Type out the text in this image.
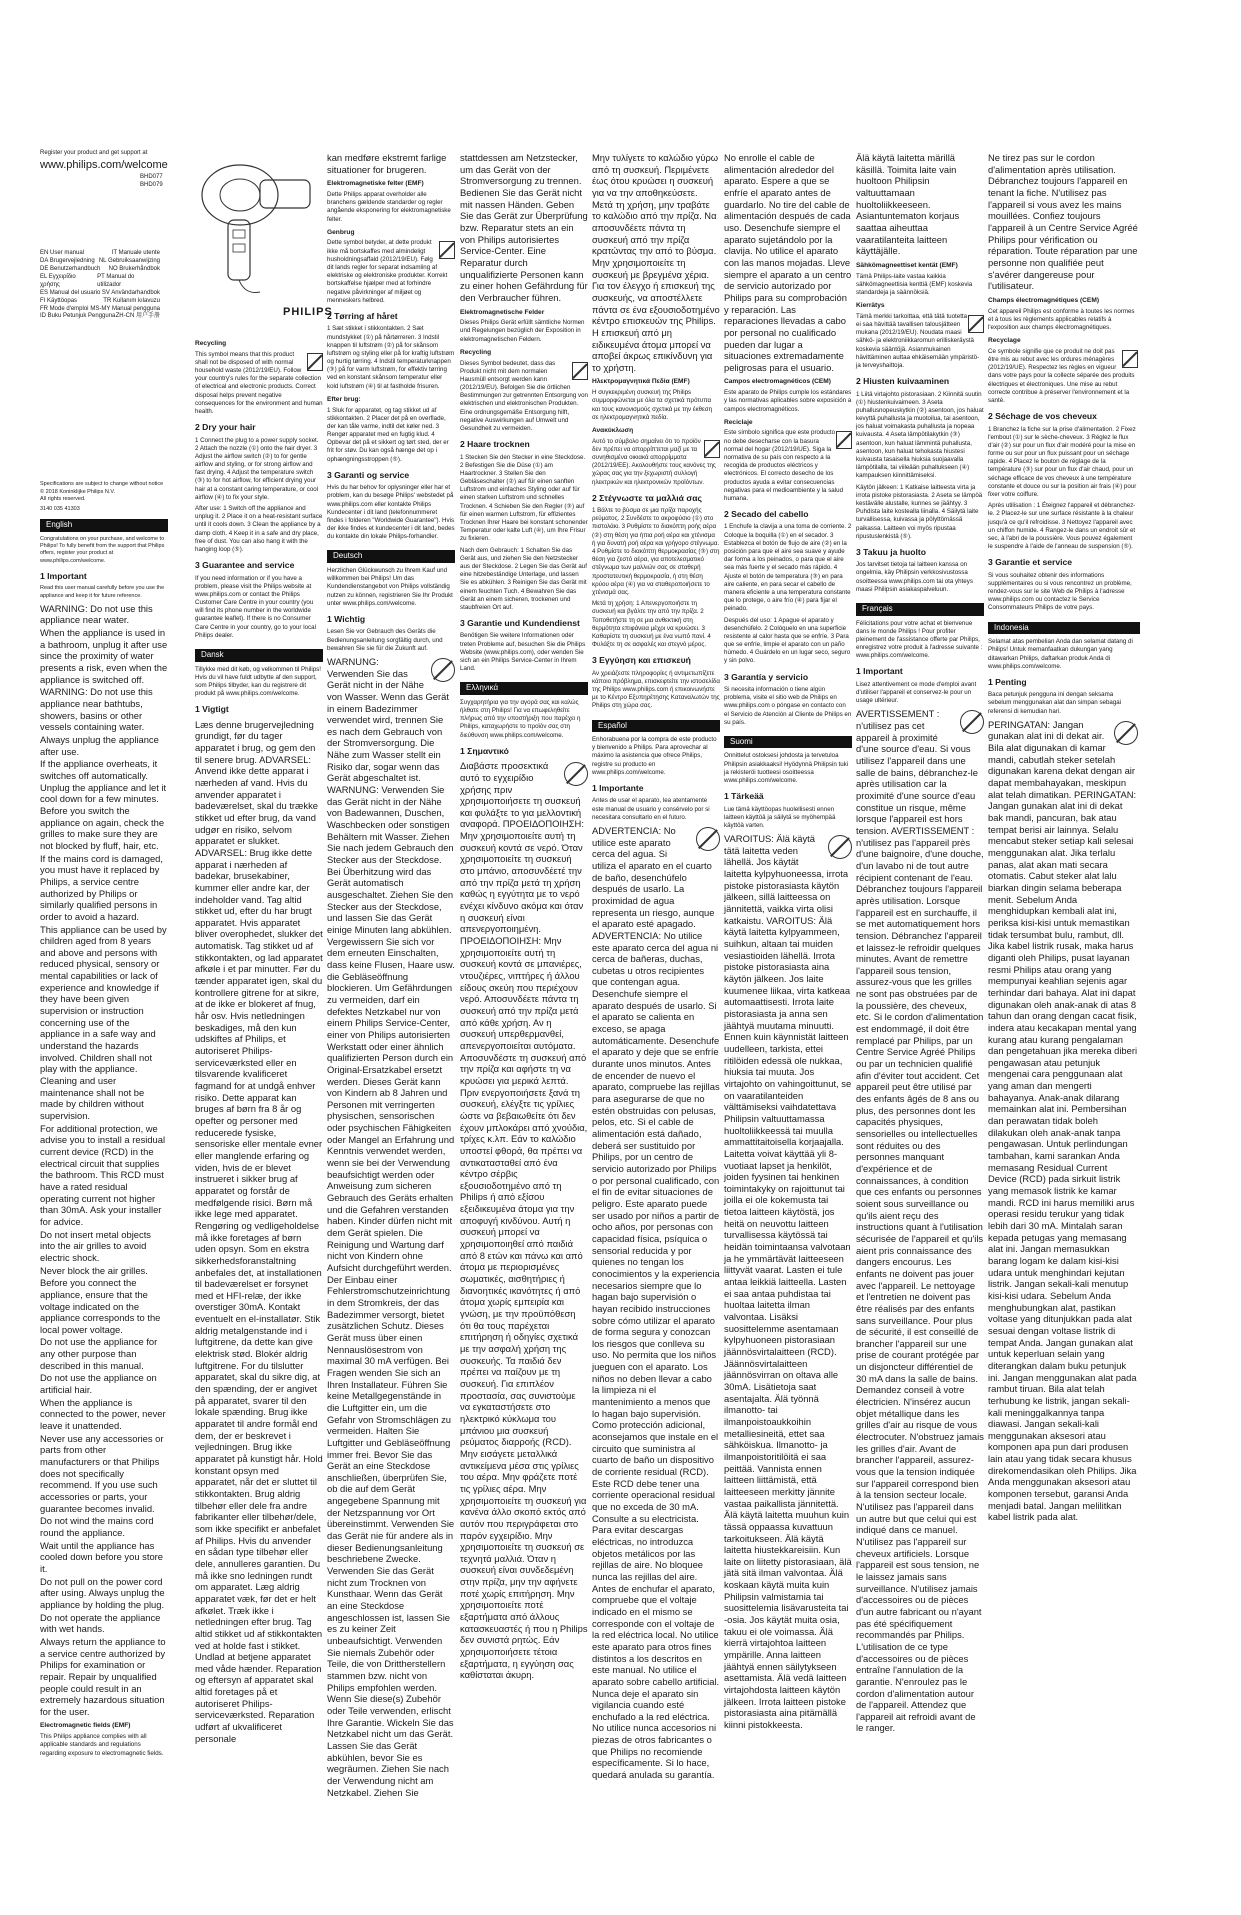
Register your product and get support at
www.philips.com/welcome
BHD077
BHD079
EN User manual	IT Manuale utente
DA Brugervejledning NL Gebruiksaanwijzing
DE Benutzerhandbuch NO Brukerhåndbok
EL Εγχειρίδιο χρήσης
PT Manual do utilizador
ES Manual del usuario SV Användarhandbok
FI Käyttöopas	TR Kullanım kılavuzu
FR Mode d'emploi MS-MY Manual pengguna
ID Buku Petunjuk Pengguna ZH-CN 用户手册
Specifications are subject to change without notice
© 2018 Koninklijke Philips N.V.
All rights reserved.
3140 035 41303
English

Congratulations on your purchase, and welcome to Philips! To fully benefit from the support that Philips offers, register your product at www.philips.com/welcome.

1 Important

Read this user manual carefully before you use the appliance and keep it for future reference.

WARNING: Do not use this appliance near water.

When the appliance is used in a bathroom, unplug it after use since the proximity of water presents a risk, even when the appliance is switched off.

WARNING: Do not use this appliance near bathtubs, showers, basins or other vessels containing water.

Always unplug the appliance after use.

If the appliance overheats, it switches off automatically. Unplug the appliance and let it cool down for a few minutes. Before you switch the appliance on again, check the grilles to make sure they are not blocked by fluff, hair, etc.

If the mains cord is damaged, you must have it replaced by Philips, a service centre authorized by Philips or similarly qualified persons in order to avoid a hazard.

This appliance can be used by children aged from 8 years and above and persons with reduced physical, sensory or mental capabilities or lack of experience and knowledge if they have been given supervision or instruction concerning use of the appliance in a safe way and understand the hazards involved. Children shall not play with the appliance. Cleaning and user maintenance shall not be made by children without supervision.

For additional protection, we advise you to install a residual current device (RCD) in the electrical circuit that supplies the bathroom. This RCD must have a rated residual operating current not higher than 30mA. Ask your installer for advice.

Do not insert metal objects into the air grilles to avoid electric shock.

Never block the air grilles.

Before you connect the appliance, ensure that the voltage indicated on the appliance corresponds to the local power voltage.

Do not use the appliance for any other purpose than described in this manual.

Do not use the appliance on artificial hair.

When the appliance is connected to the power, never leave it unattended.

Never use any accessories or parts from other manufacturers or that Philips does not specifically recommend. If you use such accessories or parts, your guarantee becomes invalid.

Do not wind the mains cord round the appliance.

Wait until the appliance has cooled down before you store it.

Do not pull on the power cord after using. Always unplug the appliance by holding the plug.

Do not operate the appliance with wet hands.

Always return the appliance to a service centre authorized by Philips for examination or repair. Repair by unqualified people could result in an extremely hazardous situation for the user.

Electromagnetic fields (EMF)

This Philips appliance complies with all applicable standards and regulations regarding exposure to electromagnetic fields.

PHILIPS
Recycling

This symbol means that this product shall not be disposed of with normal household waste (2012/19/EU). Follow your country's rules for the separate collection of electrical and electronic products. Correct disposal helps prevent negative consequences for the environment and human health.

2 Dry your hair

1 Connect the plug to a power supply socket. 2 Attach the nozzle (①) onto the hair dryer. 3 Adjust the airflow switch (②) to for gentle airflow and styling, or for strong airflow and fast drying. 4 Adjust the temperature switch (③) to for hot airflow, for efficient drying your hair at a constant caring temperature, or cool airflow (④) to fix your style.

After use: 1 Switch off the appliance and unplug it. 2 Place it on a heat-resistant surface until it cools down. 3 Clean the appliance by a damp cloth. 4 Keep it in a safe and dry place, free of dust. You can also hang it with the hanging loop (⑤).

3 Guarantee and service

If you need information or if you have a problem, please visit the Philips website at www.philips.com or contact the Philips Customer Care Centre in your country (you will find its phone number in the worldwide guarantee leaflet). If there is no Consumer Care Centre in your country, go to your local Philips dealer.

Dansk

Tillykke med dit køb, og velkommen til Philips! Hvis du vil have fuldt udbytte af den support, som Philips tilbyder, kan du registrere dit produkt på www.philips.com/welcome.

1 Vigtigt

Læs denne brugervejledning grundigt, før du tager apparatet i brug, og gem den til senere brug. ADVARSEL: Anvend ikke dette apparat i nærheden af vand. Hvis du anvender apparatet i badeværelset, skal du trække stikket ud efter brug, da vand udgør en risiko, selvom apparatet er slukket. ADVARSEL: Brug ikke dette apparat i nærheden af badekar, brusekabiner, kummer eller andre kar, der indeholder vand. Tag altid stikket ud, efter du har brugt apparatet. Hvis apparatet bliver overophedet, slukker det automatisk. Tag stikket ud af stikkontakten, og lad apparatet afkøle i et par minutter. Før du tænder apparatet igen, skal du kontrollere gitrene for at sikre, at de ikke er blokeret af fnug, hår osv. Hvis netledningen beskadiges, må den kun udskiftes af Philips, et autoriseret Philips-serviceværksted eller en tilsvarende kvalificeret fagmand for at undgå enhver risiko. Dette apparat kan bruges af børn fra 8 år og opefter og personer med reducerede fysiske, sensoriske eller mentale evner eller manglende erfaring og viden, hvis de er blevet instrueret i sikker brug af apparatet og forstår de medfølgende risici. Børn må ikke lege med apparatet. Rengøring og vedligeholdelse må ikke foretages af børn uden opsyn. Som en ekstra sikkerhedsforanstaltning anbefales det, at installationen til badeværelset er forsynet med et HFI-relæ, der ikke overstiger 30mA. Kontakt eventuelt en el-installatør. Stik aldrig metalgenstande ind i luftgitrene, da dette kan give elektrisk stød. Blokér aldrig luftgitrene. For du tilslutter apparatet, skal du sikre dig, at den spænding, der er angivet på apparatet, svarer til den lokale spænding. Brug ikke apparatet til andre formål end dem, der er beskrevet i vejledningen. Brug ikke apparatet på kunstigt hår. Hold konstant opsyn med apparatet, når det er sluttet til stikkontakten. Brug aldrig tilbehør eller dele fra andre fabrikanter eller tilbehør/dele, som ikke specifikt er anbefalet af Philips. Hvis du anvender en sådan type tilbehør eller dele, annulleres garantien. Du må ikke sno ledningen rundt om apparatet. Læg aldrig apparatet væk, før det er helt afkølet. Træk ikke i netledningen efter brug. Tag altid stikket ud af stikkontakten ved at holde fast i stikket. Undlad at betjene apparatet med våde hænder. Reparation og eftersyn af apparatet skal altid foretages på et autoriseret Philips-serviceværksted. Reparation udført af ukvalificeret personale

kan medføre ekstremt farlige situationer for brugeren.

Elektromagnetiske felter (EMF)

Dette Philips apparat overholder alle branchens gældende standarder og regler angående eksponering for elektromagnetiske felter.

Genbrug

Dette symbol betyder, at dette produkt ikke må bortskaffes med almindeligt husholdningsaffald (2012/19/EU). Følg dit lands regler for separat indsamling af elektriske og elektroniske produkter. Korrekt bortskaffelse hjælper med at forhindre negative påvirkninger af miljøet og menneskers helbred.

2 Tørring af håret

1 Sæt stikket i stikkontakten. 2 Sæt mundstykket (①) på hårtørreren. 3 Indstil knappen til luftstrøm (②) på for skånsom luftstrøm og styling eller på for kraftig luftstrøm og hurtig tørring. 4 Indstil temperaturknappen (③) på for varm luftstrøm, for effektiv tørring ved en konstant skånsom temperatur eller kold luftstrøm (④) til at fastholde frisuren.

Efter brug:

1 Sluk for apparatet, og tag stikket ud af stikkontakten. 2 Placer det på en overflade, der kan tåle varme, indtil det køler ned. 3 Rengør apparatet med en fugtig klud. 4 Opbevar det på et sikkert og tørt sted, der er frit for støv. Du kan også hænge det op i ophængningsstroppen (⑤).

3 Garanti og service

Hvis du har behov for oplysninger eller har et problem, kan du besøge Philips' webstedet på www.philips.com eller kontakte Philips Kundecenter i dit land (telefonnummeret findes i folderen "Worldwide Guarantee"). Hvis der ikke findes et kundecenter i dit land, bedes du kontakte din lokale Philips-forhandler.

Deutsch

Herzlichen Glückwunsch zu Ihrem Kauf und willkommen bei Philips! Um das Kundendienstangebot von Philips vollständig nutzen zu können, registrieren Sie Ihr Produkt unter www.philips.com/welcome.

1 Wichtig

Lesen Sie vor Gebrauch des Geräts die Bedienungsanleitung sorgfältig durch, und bewahren Sie sie für die Zukunft auf.

WARNUNG: Verwenden Sie das Gerät nicht in der Nähe von Wasser. Wenn das Gerät in einem Badezimmer verwendet wird, trennen Sie es nach dem Gebrauch von der Stromversorgung. Die Nähe zum Wasser stellt ein Risiko dar, sogar wenn das Gerät abgeschaltet ist. WARNUNG: Verwenden Sie das Gerät nicht in der Nähe von Badewannen, Duschen, Waschbecken oder sonstigen Behältern mit Wasser. Ziehen Sie nach jedem Gebrauch den Stecker aus der Steckdose. Bei Überhitzung wird das Gerät automatisch ausgeschaltet. Ziehen Sie den Stecker aus der Steckdose, und lassen Sie das Gerät einige Minuten lang abkühlen. Vergewissern Sie sich vor dem erneuten Einschalten, dass keine Flusen, Haare usw. die Gebläseöffnung blockieren. Um Gefährdungen zu vermeiden, darf ein defektes Netzkabel nur von einem Philips Service-Center, einer von Philips autorisierten Werkstatt oder einer ähnlich qualifizierten Person durch ein Original-Ersatzkabel ersetzt werden. Dieses Gerät kann von Kindern ab 8 Jahren und Personen mit verringerten physischen, sensorischen oder psychischen Fähigkeiten oder Mangel an Erfahrung und Kenntnis verwendet werden, wenn sie bei der Verwendung beaufsichtigt werden oder Anweisung zum sicheren Gebrauch des Geräts erhalten und die Gefahren verstanden haben. Kinder dürfen nicht mit dem Gerät spielen. Die Reinigung und Wartung darf nicht von Kindern ohne Aufsicht durchgeführt werden. Der Einbau einer Fehlerstromschutzeinrichtung in dem Stromkreis, der das Badezimmer versorgt, bietet zusätzlichen Schutz. Dieses Gerät muss über einen Nennauslösestrom von maximal 30 mA verfügen. Bei Fragen wenden Sie sich an Ihren Installateur. Führen Sie keine Metallgegenstände in die Luftgitter ein, um die Gefahr von Stromschlägen zu vermeiden. Halten Sie Luftgitter und Gebläseöffnung immer frei. Bevor Sie das Gerät an eine Steckdose anschließen, überprüfen Sie, ob die auf dem Gerät angegebene Spannung mit der Netzspannung vor Ort übereinstimmt. Verwenden Sie das Gerät nie für andere als in dieser Bedienungsanleitung beschriebene Zwecke. Verwenden Sie das Gerät nicht zum Trocknen von Kunsthaar. Wenn das Gerät an eine Steckdose angeschlossen ist, lassen Sie es zu keiner Zeit unbeaufsichtigt. Verwenden Sie niemals Zubehör oder Teile, die von Drittherstellern stammen bzw. nicht von Philips empfohlen werden. Wenn Sie diese(s) Zubehör oder Teile verwenden, erlischt Ihre Garantie. Wickeln Sie das Netzkabel nicht um das Gerät. Lassen Sie das Gerät abkühlen, bevor Sie es wegräumen. Ziehen Sie nach der Verwendung nicht am Netzkabel. Ziehen Sie

stattdessen am Netzstecker, um das Gerät von der Stromversorgung zu trennen. Bedienen Sie das Gerät nicht mit nassen Händen. Geben Sie das Gerät zur Überprüfung bzw. Reparatur stets an ein von Philips autorisiertes Service-Center. Eine Reparatur durch unqualifizierte Personen kann zu einer hohen Gefährdung für den Verbraucher führen.

Elektromagnetische Felder

Dieses Philips Gerät erfüllt sämtliche Normen und Regelungen bezüglich der Exposition in elektromagnetischen Feldern.

Recycling

Dieses Symbol bedeutet, dass das Produkt nicht mit dem normalen Hausmüll entsorgt werden kann (2012/19/EU). Befolgen Sie die örtlichen Bestimmungen zur getrennten Entsorgung von elektrischen und elektronischen Produkten. Eine ordnungsgemäße Entsorgung hilft, negative Auswirkungen auf Umwelt und Gesundheit zu vermeiden.

2 Haare trocknen

1 Stecken Sie den Stecker in eine Steckdose. 2 Befestigen Sie die Düse (①) am Haartrockner. 3 Stellen Sie den Gebläseschalter (②) auf für einen sanften Luftstrom und einfaches Styling oder auf für einen starken Luftstrom und schnelles Trocknen. 4 Schieben Sie den Regler (③) auf für einen warmen Luftstrom, für effizientes Trocknen Ihrer Haare bei konstant schonender Temperatur oder kalte Luft (④), um Ihre Frisur zu fixieren.

Nach dem Gebrauch: 1 Schalten Sie das Gerät aus, und ziehen Sie den Netzstecker aus der Steckdose. 2 Legen Sie das Gerät auf eine hitzebeständige Unterlage, und lassen Sie es abkühlen. 3 Reinigen Sie das Gerät mit einem feuchten Tuch. 4 Bewahren Sie das Gerät an einem sicheren, trockenen und staubfreien Ort auf.

3 Garantie und Kundendienst

Benötigen Sie weitere Informationen oder treten Probleme auf, besuchen Sie die Philips Website (www.philips.com), oder wenden Sie sich an ein Philips Service-Center in Ihrem Land.

Ελληνικά

Συγχαρητήρια για την αγορά σας και καλώς ήλθατε στη Philips! Για να επωφεληθείτε πλήρως από την υποστήριξη που παρέχει η Philips, καταχωρήστε το προϊόν σας στη διεύθυνση www.philips.com/welcome.

1 Σημαντικό

Διαβάστε προσεκτικά αυτό το εγχειρίδιο χρήσης πριν χρησιμοποιήσετε τη συσκευή και φυλάξτε το για μελλοντική αναφορά. ΠΡΟΕΙΔΟΠΟΙΗΣΗ: Μην χρησιμοποιείτε αυτή τη συσκευή κοντά σε νερό. Όταν χρησιμοποιείτε τη συσκευή στο μπάνιο, αποσυνδέετέ την από την πρίζα μετά τη χρήση καθώς η εγγύτητα με το νερό ενέχει κίνδυνο ακόμα και όταν η συσκευή είναι απενεργοποιημένη. ΠΡΟΕΙΔΟΠΟΙΗΣΗ: Μην χρησιμοποιείτε αυτή τη συσκευή κοντά σε μπανιέρες, ντουζιέρες, νιπτήρες ή άλλου είδους σκεύη που περιέχουν νερό. Αποσυνδέετε πάντα τη συσκευή από την πρίζα μετά από κάθε χρήση. Αν η συσκευή υπερθερμανθεί, απενεργοποιείται αυτόματα. Αποσυνδέστε τη συσκευή από την πρίζα και αφήστε τη να κρυώσει για μερικά λεπτά. Πριν ενεργοποιήσετε ξανά τη συσκευή, ελέγξτε τις γρίλιες ώστε να βεβαιωθείτε ότι δεν έχουν μπλοκάρει από χνούδια, τρίχες κ.λπ. Εάν το καλώδιο υποστεί φθορά, θα πρέπει να αντικατασταθεί από ένα κέντρο σέρβις εξουσιοδοτημένο από τη Philips ή από εξίσου εξειδικευμένα άτομα για την αποφυγή κινδύνου. Αυτή η συσκευή μπορεί να χρησιμοποιηθεί από παιδιά από 8 ετών και πάνω και από άτομα με περιορισμένες σωματικές, αισθητήριες ή διανοητικές ικανότητες ή από άτομα χωρίς εμπειρία και γνώση, με την προϋπόθεση ότι θα τους παρέχεται επιτήρηση ή οδηγίες σχετικά με την ασφαλή χρήση της συσκευής. Τα παιδιά δεν πρέπει να παίζουν με τη συσκευή. Για επιπλέον προστασία, σας συνιστούμε να εγκαταστήσετε στο ηλεκτρικό κύκλωμα του μπάνιου μια συσκευή ρεύματος διαρροής (RCD). Μην εισάγετε μεταλλικά αντικείμενα μέσα στις γρίλιες του αέρα. Μην φράζετε ποτέ τις γρίλιες αέρα. Μην χρησιμοποιείτε τη συσκευή για κανένα άλλο σκοπό εκτός από αυτόν που περιγράφεται στο παρόν εγχειρίδιο. Μην χρησιμοποιείτε τη συσκευή σε τεχνητά μαλλιά. Όταν η συσκευή είναι συνδεδεμένη στην πρίζα, μην την αφήνετε ποτέ χωρίς επιτήρηση. Μην χρησιμοποιείτε ποτέ εξαρτήματα από άλλους κατασκευαστές ή που η Philips δεν συνιστά ρητώς. Εάν χρησιμοποιήσετε τέτοια εξαρτήματα, η εγγύηση σας καθίσταται άκυρη.

Μην τυλίγετε το καλώδιο γύρω από τη συσκευή. Περιμένετε έως ότου κρυώσει η συσκευή για να την αποθηκεύσετε. Μετά τη χρήση, μην τραβάτε το καλώδιο από την πρίζα. Να αποσυνδέετε πάντα τη συσκευή από την πρίζα κρατώντας την από το βύσμα. Μην χρησιμοποιείτε τη συσκευή με βρεγμένα χέρια. Για τον έλεγχο ή επισκευή της συσκευής, να αποστέλλετε πάντα σε ένα εξουσιοδοτημένο κέντρο επισκευών της Philips. Η επισκευή από μη ειδικευμένα άτομα μπορεί να αποβεί άκρως επικίνδυνη για το χρήστη.

Ηλεκτρομαγνητικά Πεδία (EMF)

Η συγκεκριμένη συσκευή της Philips συμμορφώνεται με όλα τα σχετικά πρότυπα και τους κανονισμούς σχετικά με την έκθεση σε ηλεκτρομαγνητικά πεδία.

Ανακύκλωση

Αυτό το σύμβολο σημαίνει ότι το προϊόν δεν πρέπει να απορρίπτεται μαζί με τα συνηθισμένα οικιακά απορρίμματα (2012/19/ΕΕ). Ακολουθήστε τους κανόνες της χώρας σας για την ξεχωριστή συλλογή ηλεκτρικών και ηλεκτρονικών προϊόντων.

2 Στέγνωστε τα μαλλιά σας

1 Βάλτε το βύσμα σε μια πρίζα παροχής ρεύματος. 2 Συνδέστε το ακροφύσιο (①) στο πιστολάκι. 3 Ρυθμίστε το διακόπτη ροής αέρα (②) στη θέση για ήπια ροή αέρα και χτένισμα ή για δυνατή ροή αέρα και γρήγορο στέγνωμα. 4 Ρυθμίστε το διακόπτη θερμοκρασίας (③) στη θέση για ζεστό αέρα, για αποτελεσματικό στέγνωμα των μαλλιών σας σε σταθερή προστατευτική θερμοκρασία, ή στη θέση κρύου αέρα (④) για να σταθεροποιήσετε το χτένισμά σας.

Μετά τη χρήση: 1 Απενεργοποιήστε τη συσκευή και βγάλτε την από την πρίζα. 2 Τοποθετήστε τη σε μια ανθεκτική στη θερμότητα επιφάνεια μέχρι να κρυώσει. 3 Καθαρίστε τη συσκευή με ένα νωπό πανί. 4 Φυλάξτε τη σε ασφαλές και στεγνό μέρος.

3 Εγγύηση και επισκευή

Αν χρειάζεστε πληροφορίες ή αντιμετωπίζετε κάποιο πρόβλημα, επισκεφτείτε την ιστοσελίδα της Philips www.philips.com ή επικοινωνήστε με το Κέντρο Εξυπηρέτησης Καταναλωτών της Philips στη χώρα σας.

Español

Enhorabuena por la compra de este producto y bienvenido a Philips. Para aprovechar al máximo la asistencia que ofrece Philips, registre su producto en www.philips.com/welcome.

1 Importante

Antes de usar el aparato, lea atentamente este manual de usuario y consérvelo por si necesitara consultarlo en el futuro.

ADVERTENCIA: No utilice este aparato cerca del agua. Si utiliza el aparato en el cuarto de baño, desenchúfelo después de usarlo. La proximidad de agua representa un riesgo, aunque el aparato esté apagado. ADVERTENCIA: No utilice este aparato cerca del agua ni cerca de bañeras, duchas, cubetas u otros recipientes que contengan agua. Desenchufe siempre el aparato después de usarlo. Si el aparato se calienta en exceso, se apaga automáticamente. Desenchufe el aparato y deje que se enfríe durante unos minutos. Antes de encender de nuevo el aparato, compruebe las rejillas para asegurarse de que no estén obstruidas con pelusas, pelos, etc. Si el cable de alimentación está dañado, deberá ser sustituido por Philips, por un centro de servicio autorizado por Philips o por personal cualificado, con el fin de evitar situaciones de peligro. Este aparato puede ser usado por niños a partir de ocho años, por personas con capacidad física, psíquica o sensorial reducida y por quienes no tengan los conocimientos y la experiencia necesarios siempre que lo hagan bajo supervisión o hayan recibido instrucciones sobre cómo utilizar el aparato de forma segura y conozcan los riesgos que conlleva su uso. No permita que los niños jueguen con el aparato. Los niños no deben llevar a cabo la limpieza ni el mantenimiento a menos que lo hagan bajo supervisión. Como protección adicional, aconsejamos que instale en el circuito que suministra al cuarto de baño un dispositivo de corriente residual (RCD). Este RCD debe tener una corriente operacional residual que no exceda de 30 mA. Consulte a su electricista. Para evitar descargas eléctricas, no introduzca objetos metálicos por las rejillas de aire. No bloquee nunca las rejillas del aire. Antes de enchufar el aparato, compruebe que el voltaje indicado en el mismo se corresponde con el voltaje de la red eléctrica local. No utilice este aparato para otros fines distintos a los descritos en este manual. No utilice el aparato sobre cabello artificial. Nunca deje el aparato sin vigilancia cuando esté enchufado a la red eléctrica. No utilice nunca accesorios ni piezas de otros fabricantes o que Philips no recomiende específicamente. Si lo hace, quedará anulada su garantía.

No enrolle el cable de alimentación alrededor del aparato. Espere a que se enfríe el aparato antes de guardarlo. No tire del cable de alimentación después de cada uso. Desenchufe siempre el aparato sujetándolo por la clavija. No utilice el aparato con las manos mojadas. Lleve siempre el aparato a un centro de servicio autorizado por Philips para su comprobación y reparación. Las reparaciones llevadas a cabo por personal no cualificado pueden dar lugar a situaciones extremadamente peligrosas para el usuario.

Campos electromagnéticos (CEM)

Este aparato de Philips cumple los estándares y las normativas aplicables sobre exposición a campos electromagnéticos.

Reciclaje

Este símbolo significa que este producto no debe desecharse con la basura normal del hogar (2012/19/UE). Siga la normativa de su país con respecto a la recogida de productos eléctricos y electrónicos. El correcto desecho de los productos ayuda a evitar consecuencias negativas para el medioambiente y la salud humana.

2 Secado del cabello

1 Enchufe la clavija a una toma de corriente. 2 Coloque la boquilla (①) en el secador. 3 Establezca el botón de flujo de aire (②) en la posición para que el aire sea suave y ayude dar forma a los peinados, o para que el aire sea más fuerte y el secado más rápido. 4 Ajuste el botón de temperatura (③) en para aire caliente, en para secar el cabello de manera eficiente a una temperatura constante que lo protege, o aire frío (④) para fijar el peinado.

Después del uso: 1 Apague el aparato y desenchúfelo. 2 Colóquelo en una superficie resistente al calor hasta que se enfríe. 3 Para que se enfríe, limpie el aparato con un paño húmedo. 4 Guárdelo en un lugar seco, seguro y sin polvo.

3 Garantía y servicio

Si necesita información o tiene algún problema, visite el sitio web de Philips en www.philips.com o póngase en contacto con el Servicio de Atención al Cliente de Philips en su país.

Suomi

Onnittelut ostoksesi johdosta ja tervetuloa Philipsin asiakkaaksi! Hyödynnä Philipsin tuki ja rekisteröi tuotteesi osoitteessa www.philips.com/welcome.

1 Tärkeää

Lue tämä käyttöopas huolellisesti ennen laitteen käyttöä ja säilytä se myöhempää käyttöä varten.

VAROITUS: Älä käytä tätä laitetta veden lähellä. Jos käytät laitetta kylpyhuoneessa, irrota pistoke pistorasiasta käytön jälkeen, sillä laitteessa on jännitettä, vaikka virta olisi katkaistu. VAROITUS: Älä käytä laitetta kylpyammeen, suihkun, altaan tai muiden vesiastioiden lähellä. Irrota pistoke pistorasiasta aina käytön jälkeen. Jos laite kuumenee liikaa, virta katkeaa automaattisesti. Irrota laite pistorasiasta ja anna sen jäähtyä muutama minuutti. Ennen kuin käynnistät laitteen uudelleen, tarkista, ettei ritilöiden edessä ole nukkaa, hiuksia tai muuta. Jos virtajohto on vahingoittunut, se on vaaratilanteiden välttämiseksi vaihdatettava Philipsin valtuuttamassa huoltoliikkeessä tai muulla ammattitaitoisella korjaajalla. Laitetta voivat käyttää yli 8-vuotiaat lapset ja henkilöt, joiden fyysinen tai henkinen toimintakyky on rajoittunut tai joilla ei ole kokemusta tai tietoa laitteen käytöstä, jos heitä on neuvottu laitteen turvallisessa käytössä tai heidän toimintaansa valvotaan ja he ymmärtävät laitteeseen liittyvät vaarat. Lasten ei tule antaa leikkiä laitteella. Lasten ei saa antaa puhdistaa tai huoltaa laitetta ilman valvontaa. Lisäksi suosittelemme asentamaan kylpyhuoneen pistorasiaan jäännösvirtalaitteen (RCD). Jäännösvirtalaitteen jäännösvirran on oltava alle 30mA. Lisätietoja saat asentajalta. Älä työnnä ilmanotto- tai ilmanpoistoaukkoihin metalliesineitä, ettet saa sähköiskua. Ilmanotto- ja ilmanpoistoritilöitä ei saa peittää. Vannista ennen laitteen liittämistä, että laitteeseen merkitty jännite vastaa paikallista jännitettä. Älä käytä laitetta muuhun kuin tässä oppaassa kuvattuun tarkoitukseen. Älä käytä laitetta hiustekkareisiin. Kun laite on liitetty pistorasiaan, älä jätä sitä ilman valvontaa. Älä koskaan käytä muita kuin Philipsin valmistamia tai suosittelemia lisävarusteita tai -osia. Jos käytät muita osia, takuu ei ole voimassa. Älä kierrä virtajohtoa laitteen ympärille. Anna laitteen jäähtyä ennen säilytykseen asettamista. Älä vedä laitteen virtajohdosta laitteen käytön jälkeen. Irrota laitteen pistoke pistorasiasta aina pitämällä kiinni pistokkeesta.

Älä käytä laitetta märillä käsillä. Toimita laite vain huoltoon Philipsin valtuuttamaan huoltoliikkeeseen. Asiantuntematon korjaus saattaa aiheuttaa vaaratilanteita laitteen käyttäjälle.

Sähkömagneettiset kentät (EMF)

Tämä Philips-laite vastaa kaikkia sähkömagneettisia kenttiä (EMF) koskevia standardeja ja säännöksiä.

Kierrätys

Tämä merkki tarkoittaa, että tätä tuotetta ei saa hävittää tavallisen talousjätteen mukana (2012/19/EU). Noudata maasi sähkö- ja elektroniikkaromun erilliskeräystä koskevia sääntöjä. Asianmukainen hävittäminen auttaa ehkäisemään ympäristö- ja terveyshaittoja.

2 Hiusten kuivaaminen

1 Liitä virtajohto pistorasiaan. 2 Kiinnitä suutin (①) hiustenkuivaimeen. 3 Aseta puhallusnopeuskytkin (②) asentoon, jos haluat kevyttä puhallusta ja muotoilua, tai asentoon, jos haluat voimakasta puhallusta ja nopeaa kuivausta. 4 Aseta lämpötilakytkin (③) asentoon, kun haluat lämmintä puhallusta, asentoon, kun haluat tehokasta hiustesi kuivausta tasaisella hiuksia suojaavalla lämpötilalla, tai viileään puhallukseen (④) kampauksen kiinnittämiseksi.

Käytön jälkeen: 1 Katkaise laitteesta virta ja irrota pistoke pistorasiasta. 2 Aseta se lämpöä kestävälle alustalle, kunnes se jäähtyy. 3 Puhdista laite kostealla liinalla. 4 Säilytä laite turvallisessa, kuivassa ja pölyttömässä paikassa. Laitteen voi myös ripustaa ripustuslenkistä (⑤).

3 Takuu ja huolto

Jos tarvitset tietoja tai laitteen kanssa on ongelmia, käy Philipsin verkkosivustossa osoitteessa www.philips.com tai ota yhteys maasi Philipsin asiakaspalveluun.

Français

Félicitations pour votre achat et bienvenue dans le monde Philips ! Pour profiter pleinement de l'assistance offerte par Philips, enregistrez votre produit à l'adresse suivante : www.philips.com/welcome.

1 Important

Lisez attentivement ce mode d'emploi avant d'utiliser l'appareil et conservez-le pour un usage ultérieur.

AVERTISSEMENT : n'utilisez pas cet appareil à proximité d'une source d'eau. Si vous utilisez l'appareil dans une salle de bains, débranchez-le après utilisation car la proximité d'une source d'eau constitue un risque, même lorsque l'appareil est hors tension. AVERTISSEMENT : n'utilisez pas l'appareil près d'une baignoire, d'une douche, d'un lavabo ni de tout autre récipient contenant de l'eau. Débranchez toujours l'appareil après utilisation. Lorsque l'appareil est en surchauffe, il se met automatiquement hors tension. Débranchez l'appareil et laissez-le refroidir quelques minutes. Avant de remettre l'appareil sous tension, assurez-vous que les grilles ne sont pas obstruées par de la poussière, des cheveux, etc. Si le cordon d'alimentation est endommagé, il doit être remplacé par Philips, par un Centre Service Agréé Philips ou par un technicien qualifié afin d'éviter tout accident. Cet appareil peut être utilisé par des enfants âgés de 8 ans ou plus, des personnes dont les capacités physiques, sensorielles ou intellectuelles sont réduites ou des personnes manquant d'expérience et de connaissances, à condition que ces enfants ou personnes soient sous surveillance ou qu'ils aient reçu des instructions quant à l'utilisation sécurisée de l'appareil et qu'ils aient pris connaissance des dangers encourus. Les enfants ne doivent pas jouer avec l'appareil. Le nettoyage et l'entretien ne doivent pas être réalisés par des enfants sans surveillance. Pour plus de sécurité, il est conseillé de brancher l'appareil sur une prise de courant protégée par un disjoncteur différentiel de 30 mA dans la salle de bains. Demandez conseil à votre électricien. N'insérez aucun objet métallique dans les grilles d'air au risque de vous électrocuter. N'obstruez jamais les grilles d'air. Avant de brancher l'appareil, assurez-vous que la tension indiquée sur l'appareil correspond bien à la tension secteur locale. N'utilisez pas l'appareil dans un autre but que celui qui est indiqué dans ce manuel. N'utilisez pas l'appareil sur cheveux artificiels. Lorsque l'appareil est sous tension, ne le laissez jamais sans surveillance. N'utilisez jamais d'accessoires ou de pièces d'un autre fabricant ou n'ayant pas été spécifiquement recommandés par Philips. L'utilisation de ce type d'accessoires ou de pièces entraîne l'annulation de la garantie. N'enroulez pas le cordon d'alimentation autour de l'appareil. Attendez que l'appareil ait refroidi avant de le ranger.

Ne tirez pas sur le cordon d'alimentation après utilisation. Débranchez toujours l'appareil en tenant la fiche. N'utilisez pas l'appareil si vous avez les mains mouillées. Confiez toujours l'appareil à un Centre Service Agréé Philips pour vérification ou réparation. Toute réparation par une personne non qualifiée peut s'avérer dangereuse pour l'utilisateur.

Champs électromagnétiques (CEM)

Cet appareil Philips est conforme à toutes les normes et à tous les règlements applicables relatifs à l'exposition aux champs électromagnétiques.

Recyclage

Ce symbole signifie que ce produit ne doit pas être mis au rebut avec les ordures ménagères (2012/19/UE). Respectez les règles en vigueur dans votre pays pour la collecte séparée des produits électriques et électroniques. Une mise au rebut correcte contribue à préserver l'environnement et la santé.

2 Séchage de vos cheveux

1 Branchez la fiche sur la prise d'alimentation. 2 Fixez l'embout (①) sur le sèche-cheveux. 3 Réglez le flux d'air (②) sur pour un flux d'air modéré pour la mise en forme ou sur pour un flux puissant pour un séchage rapide. 4 Placez le bouton de réglage de la température (③) sur pour un flux d'air chaud, pour un séchage efficace de vos cheveux à une température constante et douce ou sur la position air frais (④) pour fixer votre coiffure.

Après utilisation : 1 Éteignez l'appareil et débranchez-le. 2 Placez-le sur une surface résistante à la chaleur jusqu'à ce qu'il refroidisse. 3 Nettoyez l'appareil avec un chiffon humide. 4 Rangez-le dans un endroit sûr et sec, à l'abri de la poussière. Vous pouvez également le suspendre à l'aide de l'anneau de suspension (⑤).

3 Garantie et service

Si vous souhaitez obtenir des informations supplémentaires ou si vous rencontrez un problème, rendez-vous sur le site Web de Philips à l'adresse www.philips.com ou contactez le Service Consommateurs Philips de votre pays.

Indonesia

Selamat atas pembelian Anda dan selamat datang di Philips! Untuk memanfaatkan dukungan yang ditawarkan Philips, daftarkan produk Anda di www.philips.com/welcome.

1 Penting

Baca petunjuk pengguna ini dengan seksama sebelum menggunakan alat dan simpan sebagai referensi di kemudian hari.

PERINGATAN: Jangan gunakan alat ini di dekat air. Bila alat digunakan di kamar mandi, cabutlah steker setelah digunakan karena dekat dengan air dapat membahayakan, meskipun alat telah dimatikan. PERINGATAN: Jangan gunakan alat ini di dekat bak mandi, pancuran, bak atau tempat berisi air lainnya. Selalu mencabut steker setiap kali selesai menggunakan alat. Jika terlalu panas, alat akan mati secara otomatis. Cabut steker alat lalu biarkan dingin selama beberapa menit. Sebelum Anda menghidupkan kembali alat ini, periksa kisi-kisi untuk memastikan tidak tersumbat bulu, rambut, dll. Jika kabel listrik rusak, maka harus diganti oleh Philips, pusat layanan resmi Philips atau orang yang mempunyai keahlian sejenis agar terhindar dari bahaya. Alat ini dapat digunakan oleh anak-anak di atas 8 tahun dan orang dengan cacat fisik, indera atau kecakapan mental yang kurang atau kurang pengalaman dan pengetahuan jika mereka diberi pengawasan atau petunjuk mengenai cara penggunaan alat yang aman dan mengerti bahayanya. Anak-anak dilarang memainkan alat ini. Pembersihan dan perawatan tidak boleh dilakukan oleh anak-anak tanpa pengawasan. Untuk perlindungan tambahan, kami sarankan Anda memasang Residual Current Device (RCD) pada sirkuit listrik yang memasok listrik ke kamar mandi. RCD ini harus memiliki arus operasi residu terukur yang tidak lebih dari 30 mA. Mintalah saran kepada petugas yang memasang alat ini. Jangan memasukkan barang logam ke dalam kisi-kisi udara untuk menghindari kejutan listrik. Jangan sekali-kali menutup kisi-kisi udara. Sebelum Anda menghubungkan alat, pastikan voltase yang ditunjukkan pada alat sesuai dengan voltase listrik di tempat Anda. Jangan gunakan alat untuk keperluan selain yang diterangkan dalam buku petunjuk ini. Jangan menggunakan alat pada rambut tiruan. Bila alat telah terhubung ke listrik, jangan sekali-kali meninggalkannya tanpa diawasi. Jangan sekali-kali menggunakan aksesori atau komponen apa pun dari produsen lain atau yang tidak secara khusus direkomendasikan oleh Philips. Jika Anda menggunakan aksesori atau komponen tersebut, garansi Anda menjadi batal. Jangan melilitkan kabel listrik pada alat.
